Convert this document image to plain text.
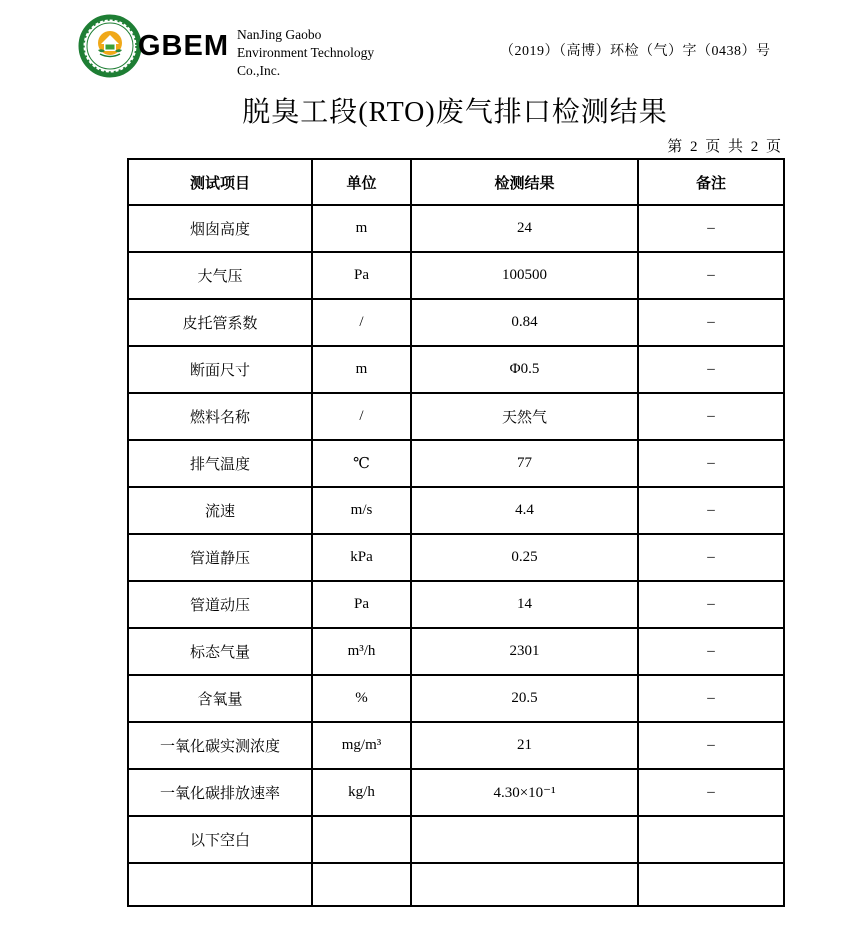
GBEM NanJing Gaobo
Environment Technology
Co.,Inc.
（2019）（高博）环检（气）字（0438）号
脱臭工段(RTO)废气排口检测结果
第 2 页 共 2 页
测试项目	单位	检测结果	备注
烟囱高度	m	24	–
大气压	Pa	100500	–
皮托管系数	/	0.84	–
断面尺寸	m	Φ0.5	–
燃料名称	/	天然气	–
排气温度	℃	77	–
流速	m/s	4.4	–
管道静压	kPa	0.25	–
管道动压	Pa	14	–
标态气量	m³/h	2301	–
含氧量	%	20.5	–
一氧化碳实测浓度	mg/m³	21	–
一氧化碳排放速率	kg/h	4.30×10⁻¹	–
以下空白			
